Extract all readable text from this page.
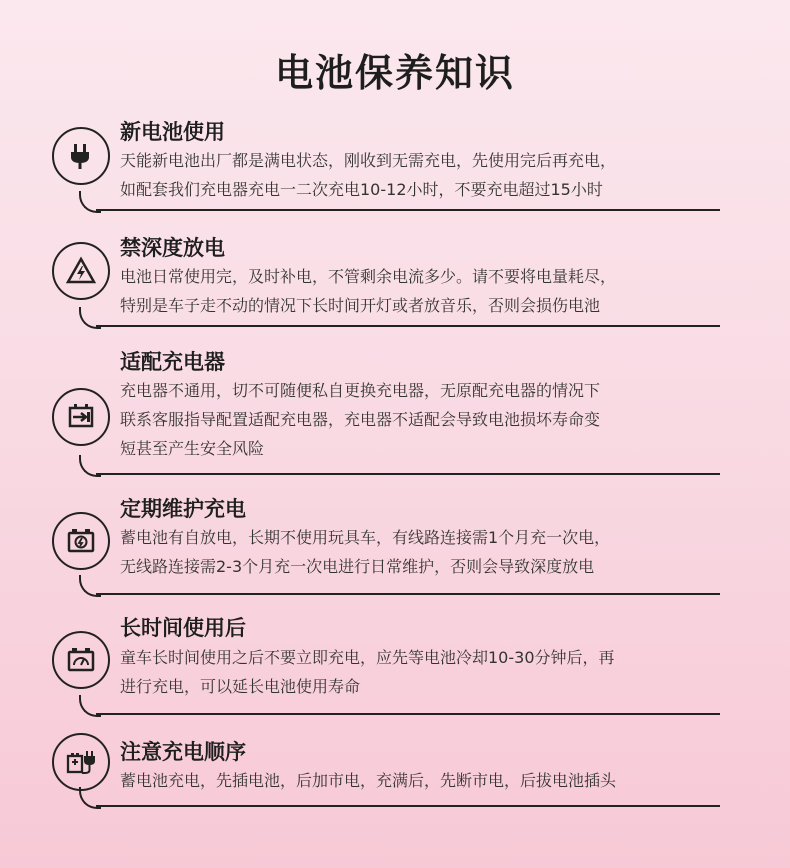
电池保养知识
新电池使用
天能新电池出厂都是满电状态，刚收到无需充电，先使用完后再充电，
如配套我们充电器充电一二次充电10-12小时，不要充电超过15小时
禁深度放电
电池日常使用完，及时补电，不管剩余电流多少。请不要将电量耗尽，
特别是车子走不动的情况下长时间开灯或者放音乐，否则会损伤电池
适配充电器
充电器不通用，切不可随便私自更换充电器，无原配充电器的情况下
联系客服指导配置适配充电器，充电器不适配会导致电池损坏寿命变
短甚至产生安全风险
定期维护充电
蓄电池有自放电，长期不使用玩具车，有线路连接需1个月充一次电，
无线路连接需2-3个月充一次电进行日常维护，否则会导致深度放电
长时间使用后
童车长时间使用之后不要立即充电，应先等电池冷却10-30分钟后，再
进行充电，可以延长电池使用寿命
注意充电顺序
蓄电池充电，先插电池，后加市电，充满后，先断市电，后拔电池插头
